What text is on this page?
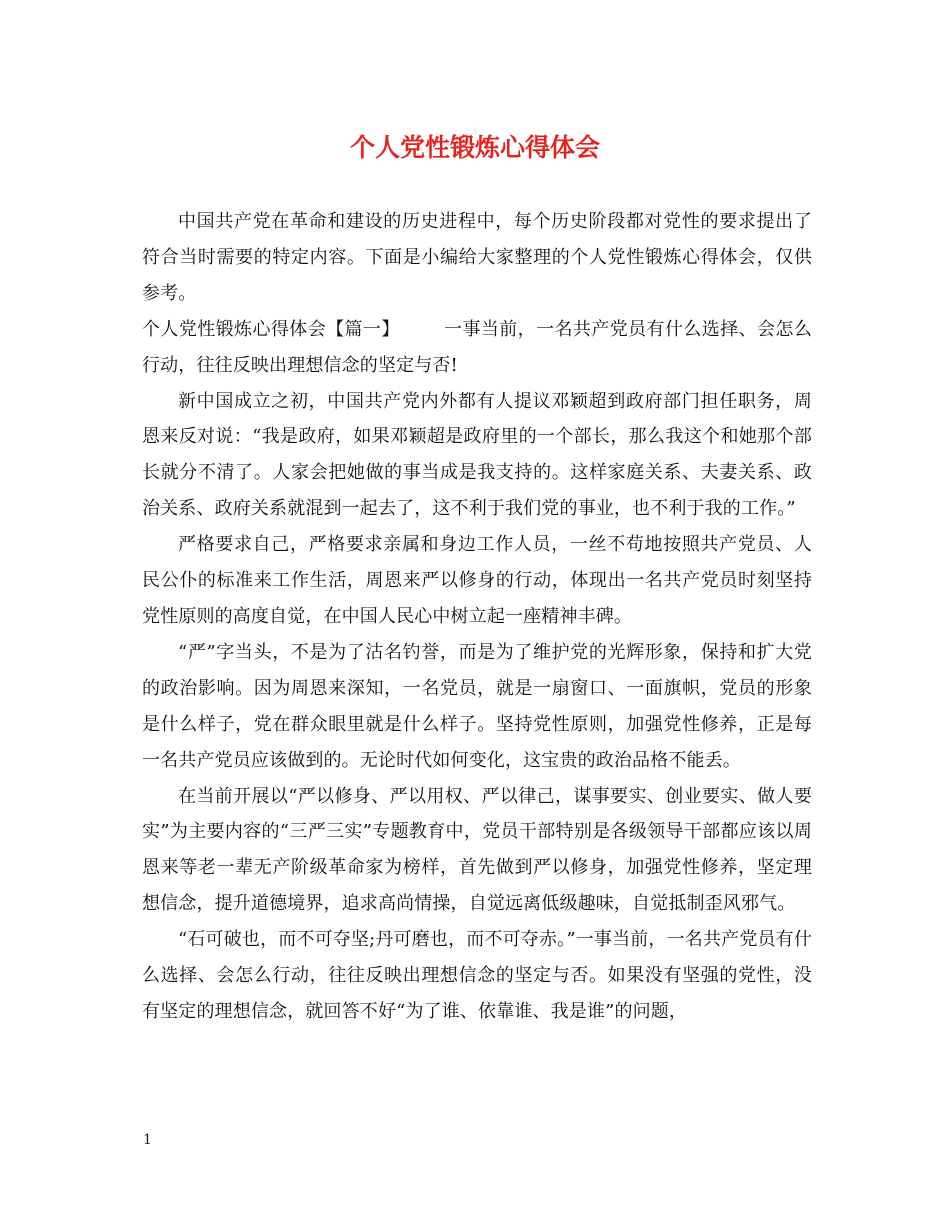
个人党性锻炼心得体会

中国共产党在革命和建设的历史进程中，每个历史阶段都对党性的要求提出了符合当时需要的特定内容。下面是小编给大家整理的个人党性锻炼心得体会，仅供参考。

个人党性锻炼心得体会【篇一】 一事当前，一名共产党员有什么选择、会怎么行动，往往反映出理想信念的坚定与否!

新中国成立之初，中国共产党内外都有人提议邓颖超到政府部门担任职务，周恩来反对说：“我是政府，如果邓颖超是政府里的一个部长，那么我这个和她那个部长就分不清了。人家会把她做的事当成是我支持的。这样家庭关系、夫妻关系、政治关系、政府关系就混到一起去了，这不利于我们党的事业，也不利于我的工作。”

严格要求自己，严格要求亲属和身边工作人员，一丝不苟地按照共产党员、人民公仆的标准来工作生活，周恩来严以修身的行动，体现出一名共产党员时刻坚持党性原则的高度自觉，在中国人民心中树立起一座精神丰碑。

“严”字当头，不是为了沽名钓誉，而是为了维护党的光辉形象，保持和扩大党的政治影响。因为周恩来深知，一名党员，就是一扇窗口、一面旗帜，党员的形象是什么样子，党在群众眼里就是什么样子。坚持党性原则，加强党性修养，正是每一名共产党员应该做到的。无论时代如何变化，这宝贵的政治品格不能丢。

在当前开展以“严以修身、严以用权、严以律己，谋事要实、创业要实、做人要实”为主要内容的“三严三实”专题教育中，党员干部特别是各级领导干部都应该以周恩来等老一辈无产阶级革命家为榜样，首先做到严以修身，加强党性修养，坚定理想信念，提升道德境界，追求高尚情操，自觉远离低级趣味，自觉抵制歪风邪气。

“石可破也，而不可夺坚;丹可磨也，而不可夺赤。”一事当前，一名共产党员有什么选择、会怎么行动，往往反映出理想信念的坚定与否。如果没有坚强的党性，没有坚定的理想信念，就回答不好“为了谁、依靠谁、我是谁”的问题，

1
